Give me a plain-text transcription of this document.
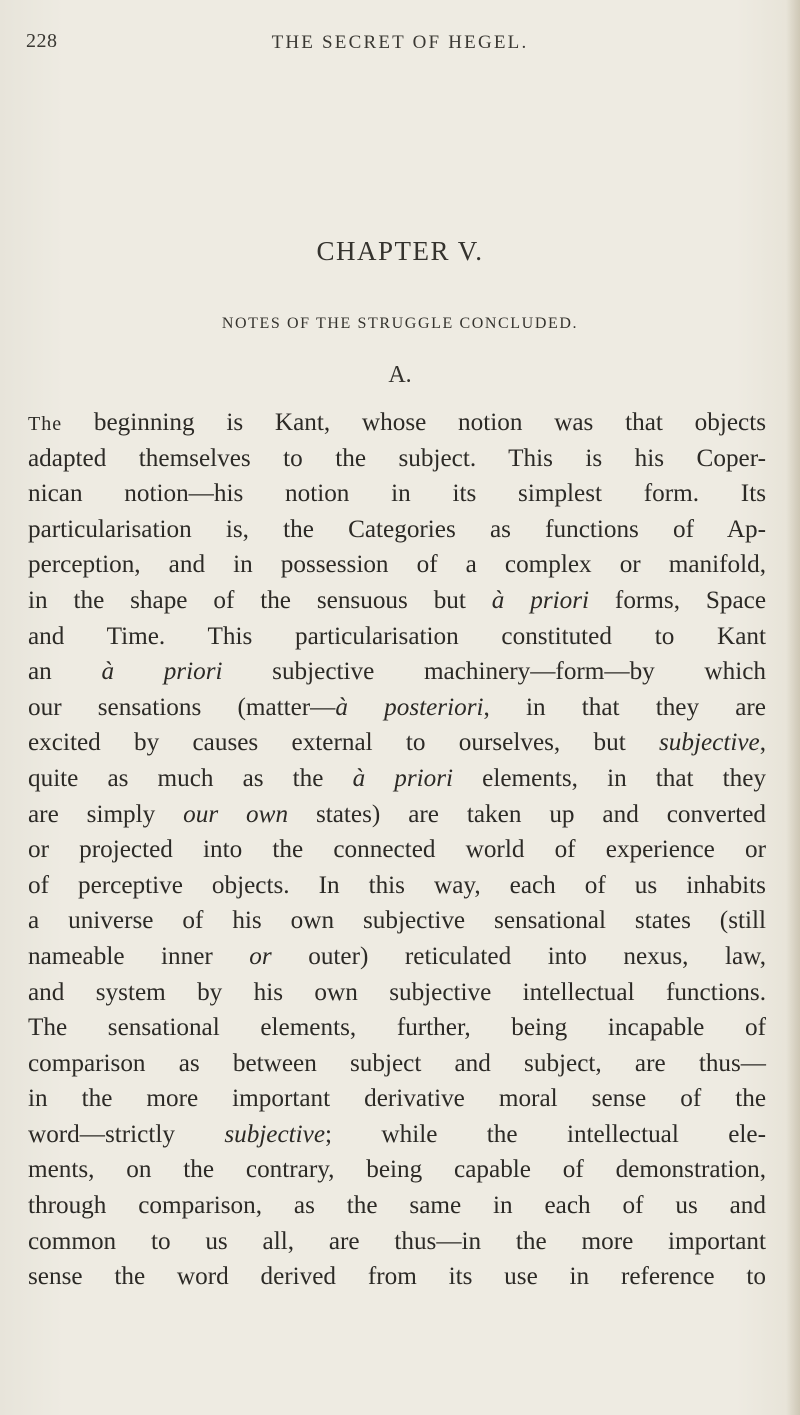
228	THE SECRET OF HEGEL.
CHAPTER V.
NOTES OF THE STRUGGLE CONCLUDED.
A.
The beginning is Kant, whose notion was that objects
adapted themselves to the subject. This is his Coper-
nican notion—his notion in its simplest form. Its
particularisation is, the Categories as functions of Ap-
perception, and in possession of a complex or manifold,
in the shape of the sensuous but à priori forms, Space
and Time. This particularisation constituted to Kant
an à priori subjective machinery—form—by which
our sensations (matter—à posteriori, in that they are
excited by causes external to ourselves, but subjective,
quite as much as the à priori elements, in that they
are simply our own states) are taken up and converted
or projected into the connected world of experience or
of perceptive objects. In this way, each of us inhabits
a universe of his own subjective sensational states (still
nameable inner or outer) reticulated into nexus, law,
and system by his own subjective intellectual functions.
The sensational elements, further, being incapable of
comparison as between subject and subject, are thus—
in the more important derivative moral sense of the
word—strictly subjective; while the intellectual ele-
ments, on the contrary, being capable of demonstration,
through comparison, as the same in each of us and
common to us all, are thus—in the more important
sense the word derived from its use in reference to
